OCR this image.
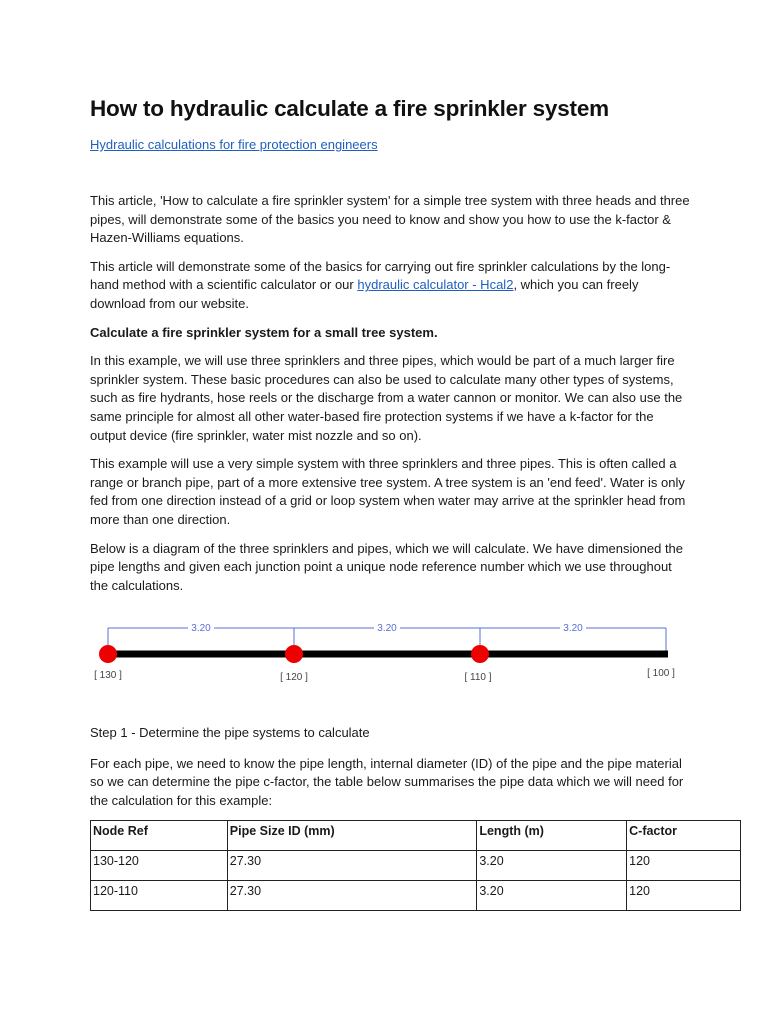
How to hydraulic calculate a fire sprinkler system
Hydraulic calculations for fire protection engineers

This article, 'How to calculate a fire sprinkler system' for a simple tree system with three heads and three pipes, will demonstrate some of the basics you need to know and show you how to use the k-factor & Hazen-Williams equations.

This article will demonstrate some of the basics for carrying out fire sprinkler calculations by the long-hand method with a scientific calculator or our hydraulic calculator - Hcal2, which you can freely download from our website.

Calculate a fire sprinkler system for a small tree system.

In this example, we will use three sprinklers and three pipes, which would be part of a much larger fire sprinkler system. These basic procedures can also be used to calculate many other types of systems, such as fire hydrants, hose reels or the discharge from a water cannon or monitor. We can also use the same principle for almost all other water-based fire protection systems if we have a k-factor for the output device (fire sprinkler, water mist nozzle and so on).

This example will use a very simple system with three sprinklers and three pipes. This is often called a range or branch pipe, part of a more extensive tree system. A tree system is an 'end feed'. Water is only fed from one direction instead of a grid or loop system when water may arrive at the sprinkler head from more than one direction.

Below is a diagram of the three sprinklers and pipes, which we will calculate. We have dimensioned the pipe lengths and given each junction point a unique node reference number which we use throughout the calculations.

3.20	3.20	3.20
[ 130 ]	[ 120 ]	[ 110 ]	[ 100 ]

Step 1 - Determine the pipe systems to calculate

For each pipe, we need to know the pipe length, internal diameter (ID) of the pipe and the pipe material so we can determine the pipe c-factor, the table below summarises the pipe data which we will need for the calculation for this example:

Node Ref	Pipe Size ID (mm)	Length (m)	C-factor
130-120	27.30	3.20	120
120-110	27.30	3.20	120
